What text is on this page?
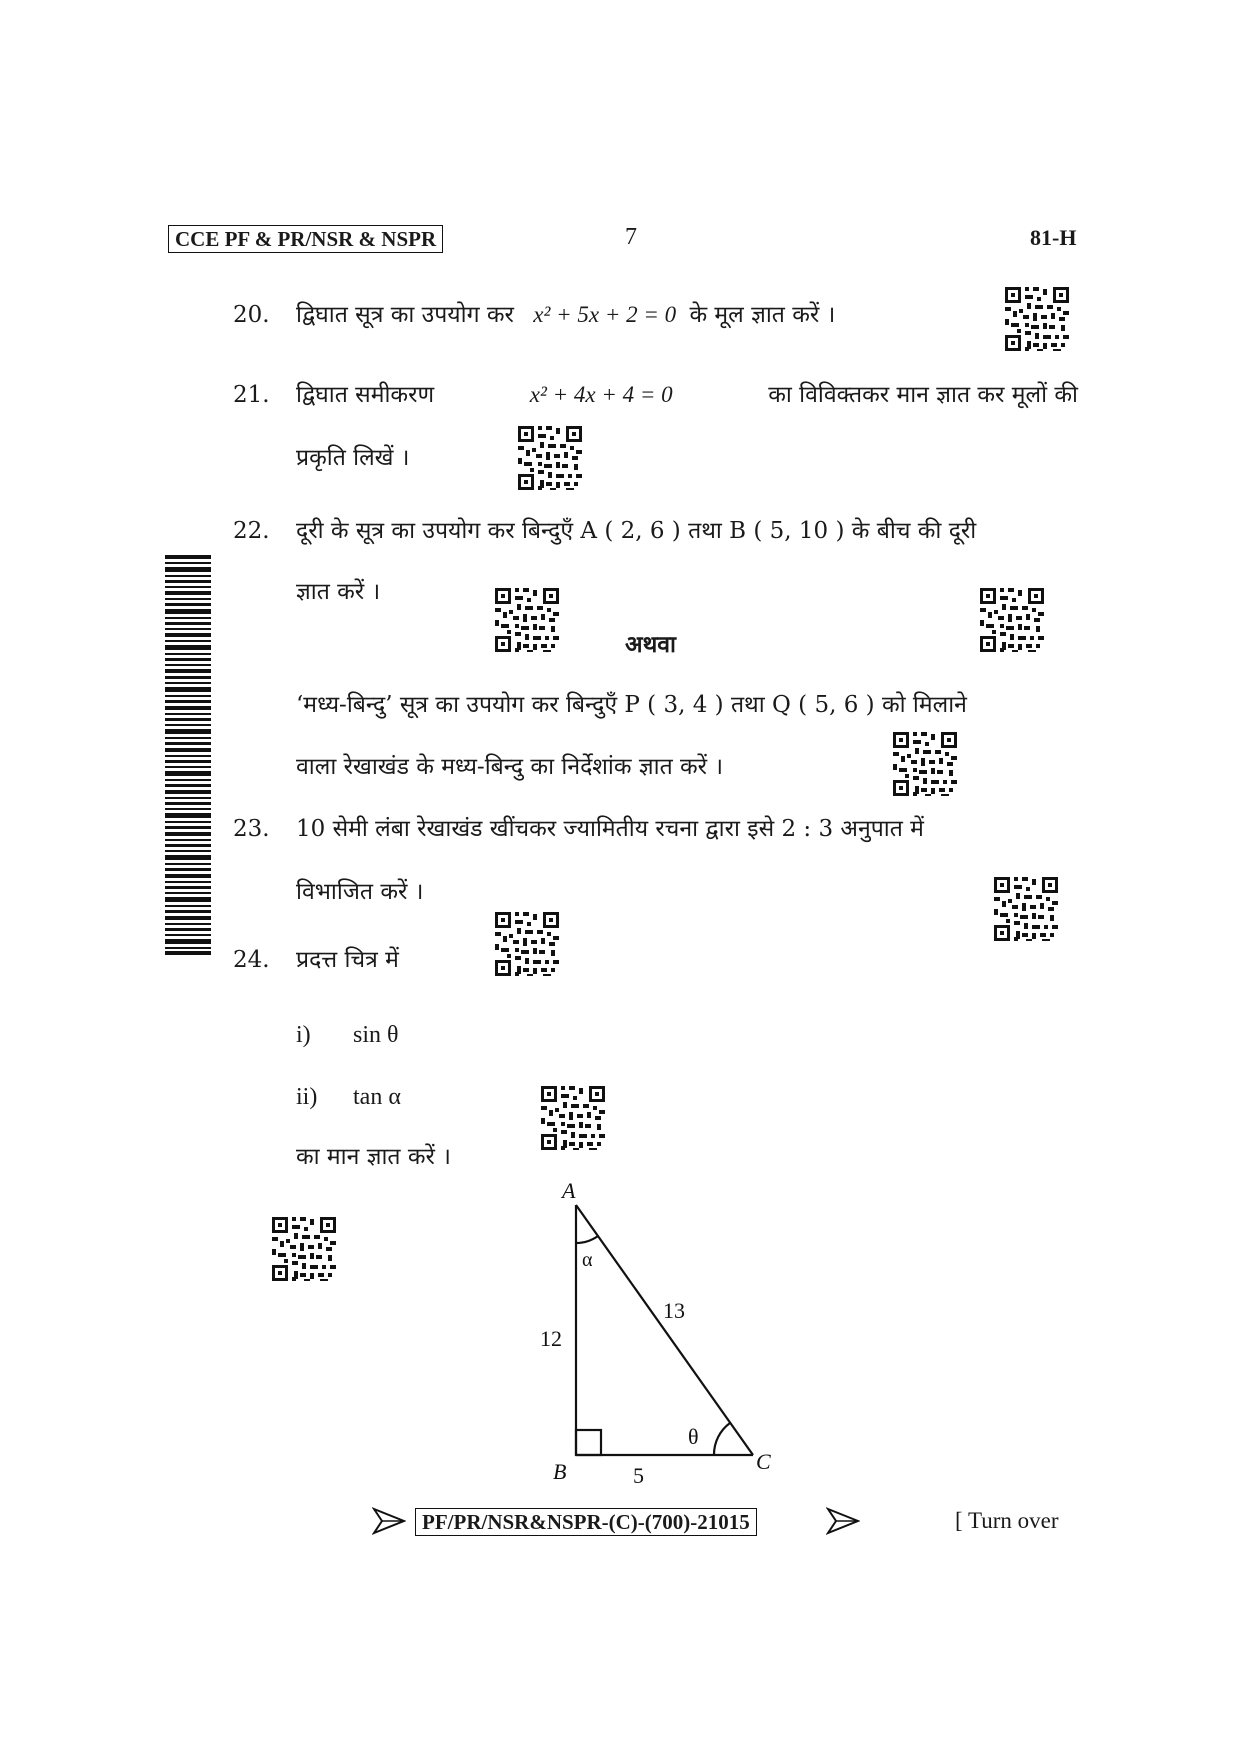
CCE PF & PR/NSR & NSPR	7	81-H
20. द्विघात सूत्र का उपयोग कर x² + 5x + 2 = 0 के मूल ज्ञात करें ।
21. द्विघात समीकरण	x² + 4x + 4 = 0	का विविक्तकर मान ज्ञात कर मूलों की
प्रकृति लिखें ।
22. दूरी के सूत्र का उपयोग कर बिन्दुएँ A ( 2, 6 ) तथा B ( 5, 10 ) के बीच की दूरी
ज्ञात करें ।
अथवा
‘मध्य-बिन्दु’ सूत्र का उपयोग कर बिन्दुएँ P ( 3, 4 ) तथा Q ( 5, 6 ) को मिलाने
वाला रेखाखंड के मध्य-बिन्दु का निर्देशांक ज्ञात करें ।
23. 10 सेमी लंबा रेखाखंड खींचकर ज्यामितीय रचना द्वारा इसे 2 : 3 अनुपात में
विभाजित करें ।
24. प्रदत्त चित्र में
i) sin θ
ii) tan α
का मान ज्ञात करें ।
A
B	C
12
5
13
α
θ
PF/PR/NSR&NSPR-(C)-(700)-21015	[ Turn over
